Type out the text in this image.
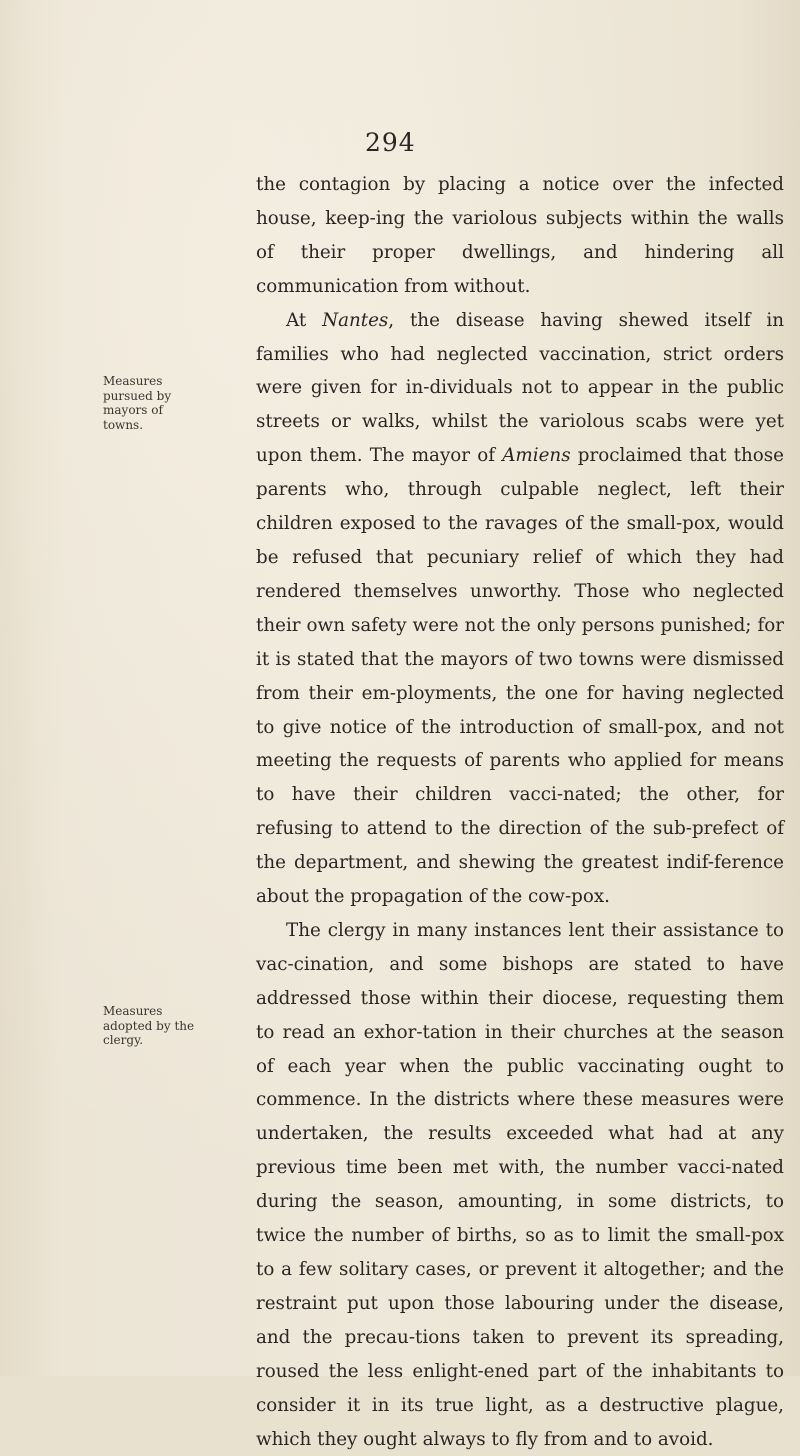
294
Measures pursued by mayors of towns.
Measures adopted by the clergy.

the contagion by placing a notice over the infected house, keep-ing the variolous subjects within the walls of their proper dwellings, and hindering all communication from without.

At Nantes, the disease having shewed itself in families who had neglected vaccination, strict orders were given for in-dividuals not to appear in the public streets or walks, whilst the variolous scabs were yet upon them. The mayor of Amiens proclaimed that those parents who, through culpable neglect, left their children exposed to the ravages of the small-pox, would be refused that pecuniary relief of which they had rendered themselves unworthy. Those who neglected their own safety were not the only persons punished; for it is stated that the mayors of two towns were dismissed from their em-ployments, the one for having neglected to give notice of the introduction of small-pox, and not meeting the requests of parents who applied for means to have their children vacci-nated; the other, for refusing to attend to the direction of the sub-prefect of the department, and shewing the greatest indif-ference about the propagation of the cow-pox.

The clergy in many instances lent their assistance to vac-cination, and some bishops are stated to have addressed those within their diocese, requesting them to read an exhor-tation in their churches at the season of each year when the public vaccinating ought to commence. In the districts where these measures were undertaken, the results exceeded what had at any previous time been met with, the number vacci-nated during the season, amounting, in some districts, to twice the number of births, so as to limit the small-pox to a few solitary cases, or prevent it altogether; and the restraint put upon those labouring under the disease, and the precau-tions taken to prevent its spreading, roused the less enlight-ened part of the inhabitants to consider it in its true light, as a destructive plague, which they ought always to fly from and to avoid.
